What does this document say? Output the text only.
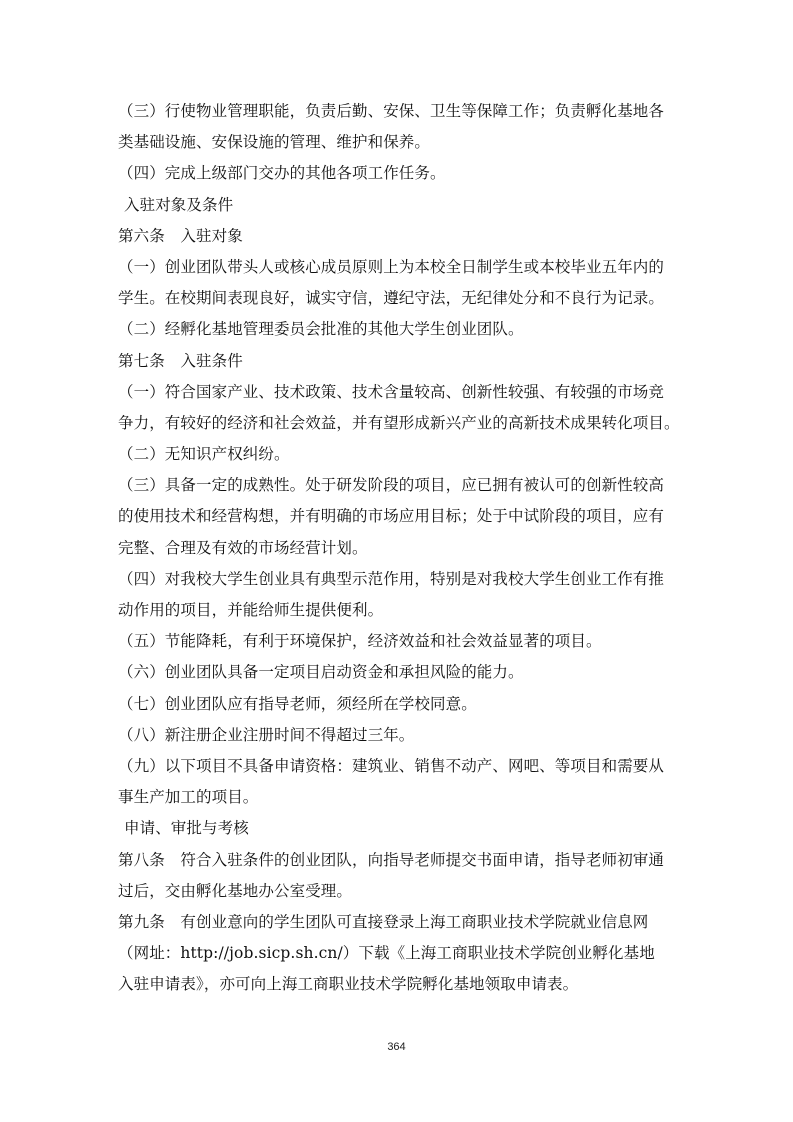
（三）行使物业管理职能，负责后勤、安保、卫生等保障工作；负责孵化基地各
类基础设施、安保设施的管理、维护和保养。
（四）完成上级部门交办的其他各项工作任务。
入驻对象及条件
第六条　入驻对象
（一）创业团队带头人或核心成员原则上为本校全日制学生或本校毕业五年内的
学生。在校期间表现良好，诚实守信，遵纪守法，无纪律处分和不良行为记录。
（二）经孵化基地管理委员会批准的其他大学生创业团队。
第七条　入驻条件
（一）符合国家产业、技术政策、技术含量较高、创新性较强、有较强的市场竞
争力，有较好的经济和社会效益，并有望形成新兴产业的高新技术成果转化项目。
（二）无知识产权纠纷。
（三）具备一定的成熟性。处于研发阶段的项目，应已拥有被认可的创新性较高
的使用技术和经营构想，并有明确的市场应用目标；处于中试阶段的项目，应有
完整、合理及有效的市场经营计划。
（四）对我校大学生创业具有典型示范作用，特别是对我校大学生创业工作有推
动作用的项目，并能给师生提供便利。
（五）节能降耗，有利于环境保护，经济效益和社会效益显著的项目。
（六）创业团队具备一定项目启动资金和承担风险的能力。
（七）创业团队应有指导老师，须经所在学校同意。
（八）新注册企业注册时间不得超过三年。
（九）以下项目不具备申请资格：建筑业、销售不动产、网吧、等项目和需要从
事生产加工的项目。
申请、审批与考核
第八条　符合入驻条件的创业团队，向指导老师提交书面申请，指导老师初审通
过后，交由孵化基地办公室受理。
第九条　有创业意向的学生团队可直接登录上海工商职业技术学院就业信息网
（网址：http://job.sicp.sh.cn/）下载《上海工商职业技术学院创业孵化基地
入驻申请表》，亦可向上海工商职业技术学院孵化基地领取申请表。
364
